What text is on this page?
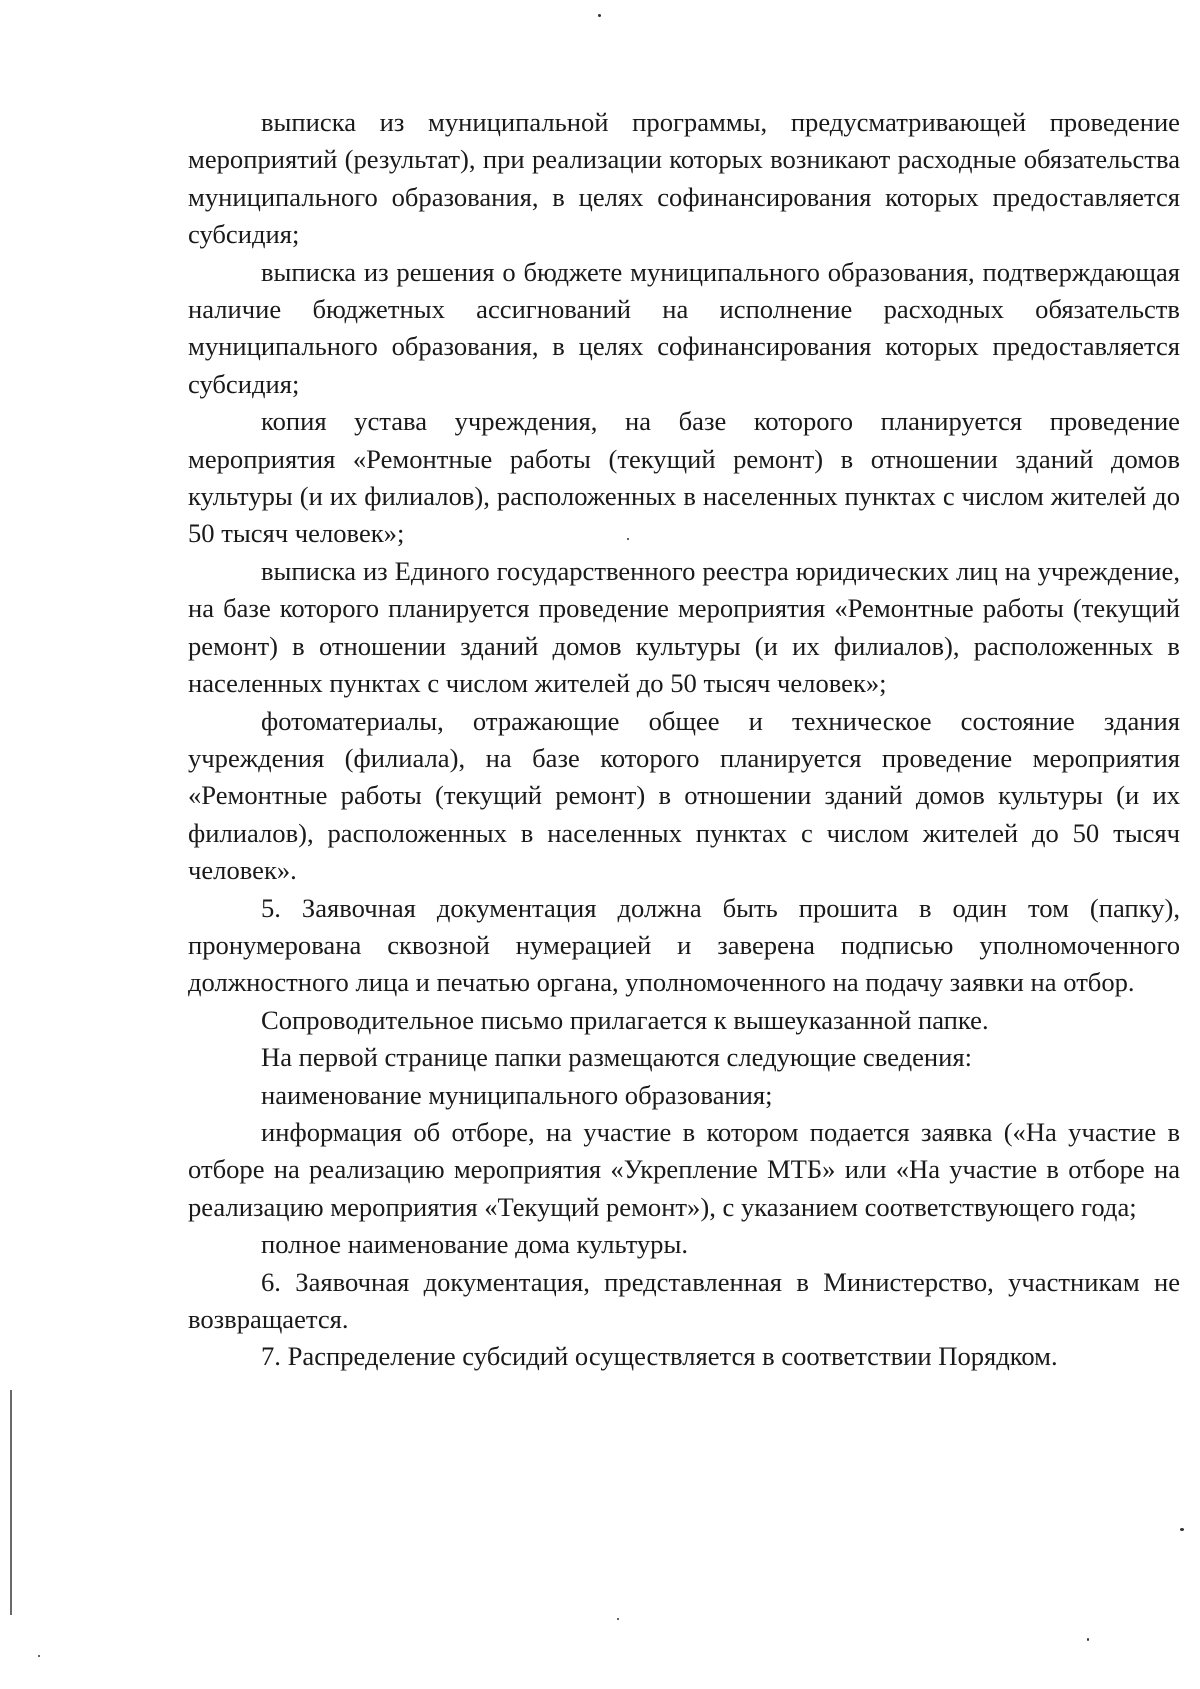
выписка из муниципальной программы, предусматривающей проведение мероприятий (результат), при реализации которых возникают расходные обязательства муниципального образования, в целях софинансирования которых предоставляется субсидия;

выписка из решения о бюджете муниципального образования, подтверждающая наличие бюджетных ассигнований на исполнение расходных обязательств муниципального образования, в целях софинансирования которых предоставляется субсидия;

копия устава учреждения, на базе которого планируется проведение мероприятия «Ремонтные работы (текущий ремонт) в отношении зданий домов культуры (и их филиалов), расположенных в населенных пунктах с числом жителей до 50 тысяч человек»;

выписка из Единого государственного реестра юридических лиц на учреждение, на базе которого планируется проведение мероприятия «Ремонтные работы (текущий ремонт) в отношении зданий домов культуры (и их филиалов), расположенных в населенных пунктах с числом жителей до 50 тысяч человек»;

фотоматериалы, отражающие общее и техническое состояние здания учреждения (филиала), на базе которого планируется проведение мероприятия «Ремонтные работы (текущий ремонт) в отношении зданий домов культуры (и их филиалов), расположенных в населенных пунктах с числом жителей до 50 тысяч человек».

5. Заявочная документация должна быть прошита в один том (папку), пронумерована сквозной нумерацией и заверена подписью уполномоченного должностного лица и печатью органа, уполномоченного на подачу заявки на отбор.

Сопроводительное письмо прилагается к вышеуказанной папке.

На первой странице папки размещаются следующие сведения:

наименование муниципального образования;

информация об отборе, на участие в котором подается заявка («На участие в отборе на реализацию мероприятия «Укрепление МТБ» или «На участие в отборе на реализацию мероприятия «Текущий ремонт»), с указанием соответствующего года;

полное наименование дома культуры.

6. Заявочная документация, представленная в Министерство, участникам не возвращается.

7. Распределение субсидий осуществляется в соответствии Порядком.
